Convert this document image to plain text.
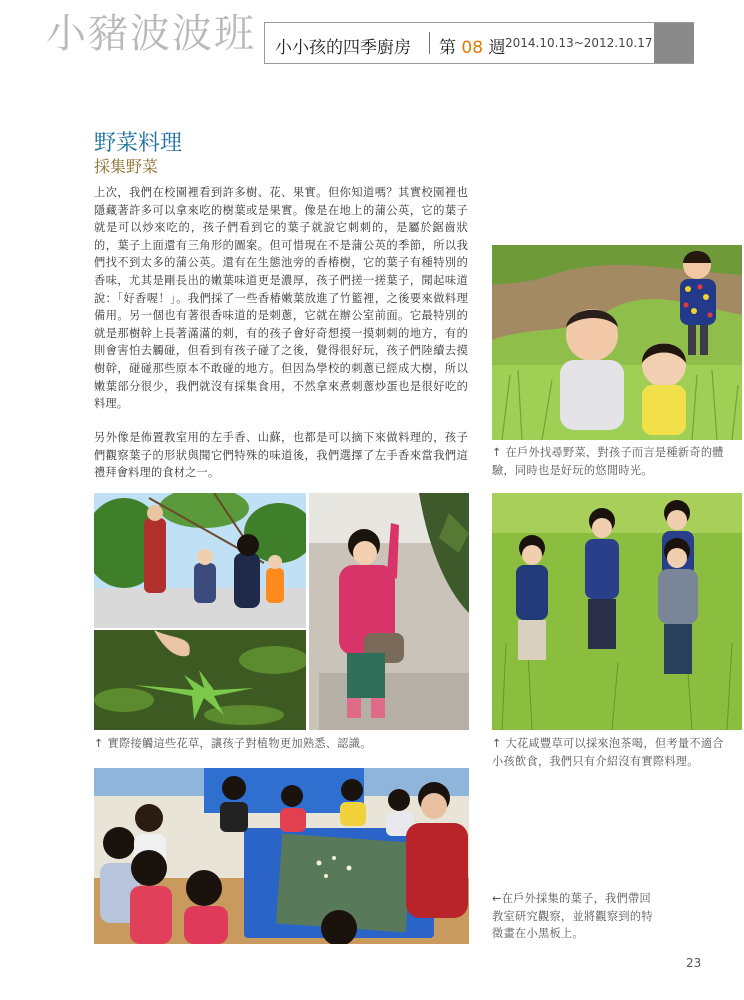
小豬波波班 小小孩的四季廚房 第 08 週 2014.10.13~2012.10.17
野菜料理
採集野菜
上次，我們在校園裡看到許多樹、花、果實。但你知道嗎？其實校園裡也隱藏著許多可以拿來吃的樹葉或是果實。像是在地上的蒲公英，它的葉子就是可以炒來吃的，孩子們看到它的葉子就說它刺刺的，是屬於鋸齒狀的，葉子上面還有三角形的圖案。但可惜現在不是蒲公英的季節，所以我們找不到太多的蒲公英。還有在生態池旁的香椿樹，它的葉子有種特別的香味，尤其是剛長出的嫩葉味道更是濃厚，孩子們搓一搓葉子，聞起味道說：「好香喔！」。我們採了一些香椿嫩葉放進了竹籃裡，之後要來做料理備用。另一個也有著很香味道的是刺蔥，它就在辦公室前面。它最特別的就是那樹幹上長著滿滿的刺，有的孩子會好奇想摸一摸刺刺的地方，有的則會害怕去觸碰，但看到有孩子碰了之後，覺得很好玩，孩子們陸續去摸樹幹，碰碰那些原本不敢碰的地方。但因為學校的刺蔥已經成大樹，所以嫩葉部分很少，我們就沒有採集食用，不然拿來煮刺蔥炒蛋也是很好吃的料理。
另外像是佈置教室用的左手香、山蘇，也都是可以摘下來做料理的，孩子們觀察葉子的形狀與聞它們特殊的味道後，我們選擇了左手香來當我們這禮拜會料理的食材之一。
↑ 在戶外找尋野菜，對孩子而言是種新奇的體驗，同時也是好玩的悠閒時光。
↑ 實際接觸這些花草，讓孩子對植物更加熟悉、認識。	↑ 大花咸豐草可以採來泡茶喝，但考量不適合小孩飲食，我們只有介紹沒有實際料理。
←在戶外採集的葉子，我們帶回教室研究觀察，並將觀察到的特徵畫在小黑板上。
23
